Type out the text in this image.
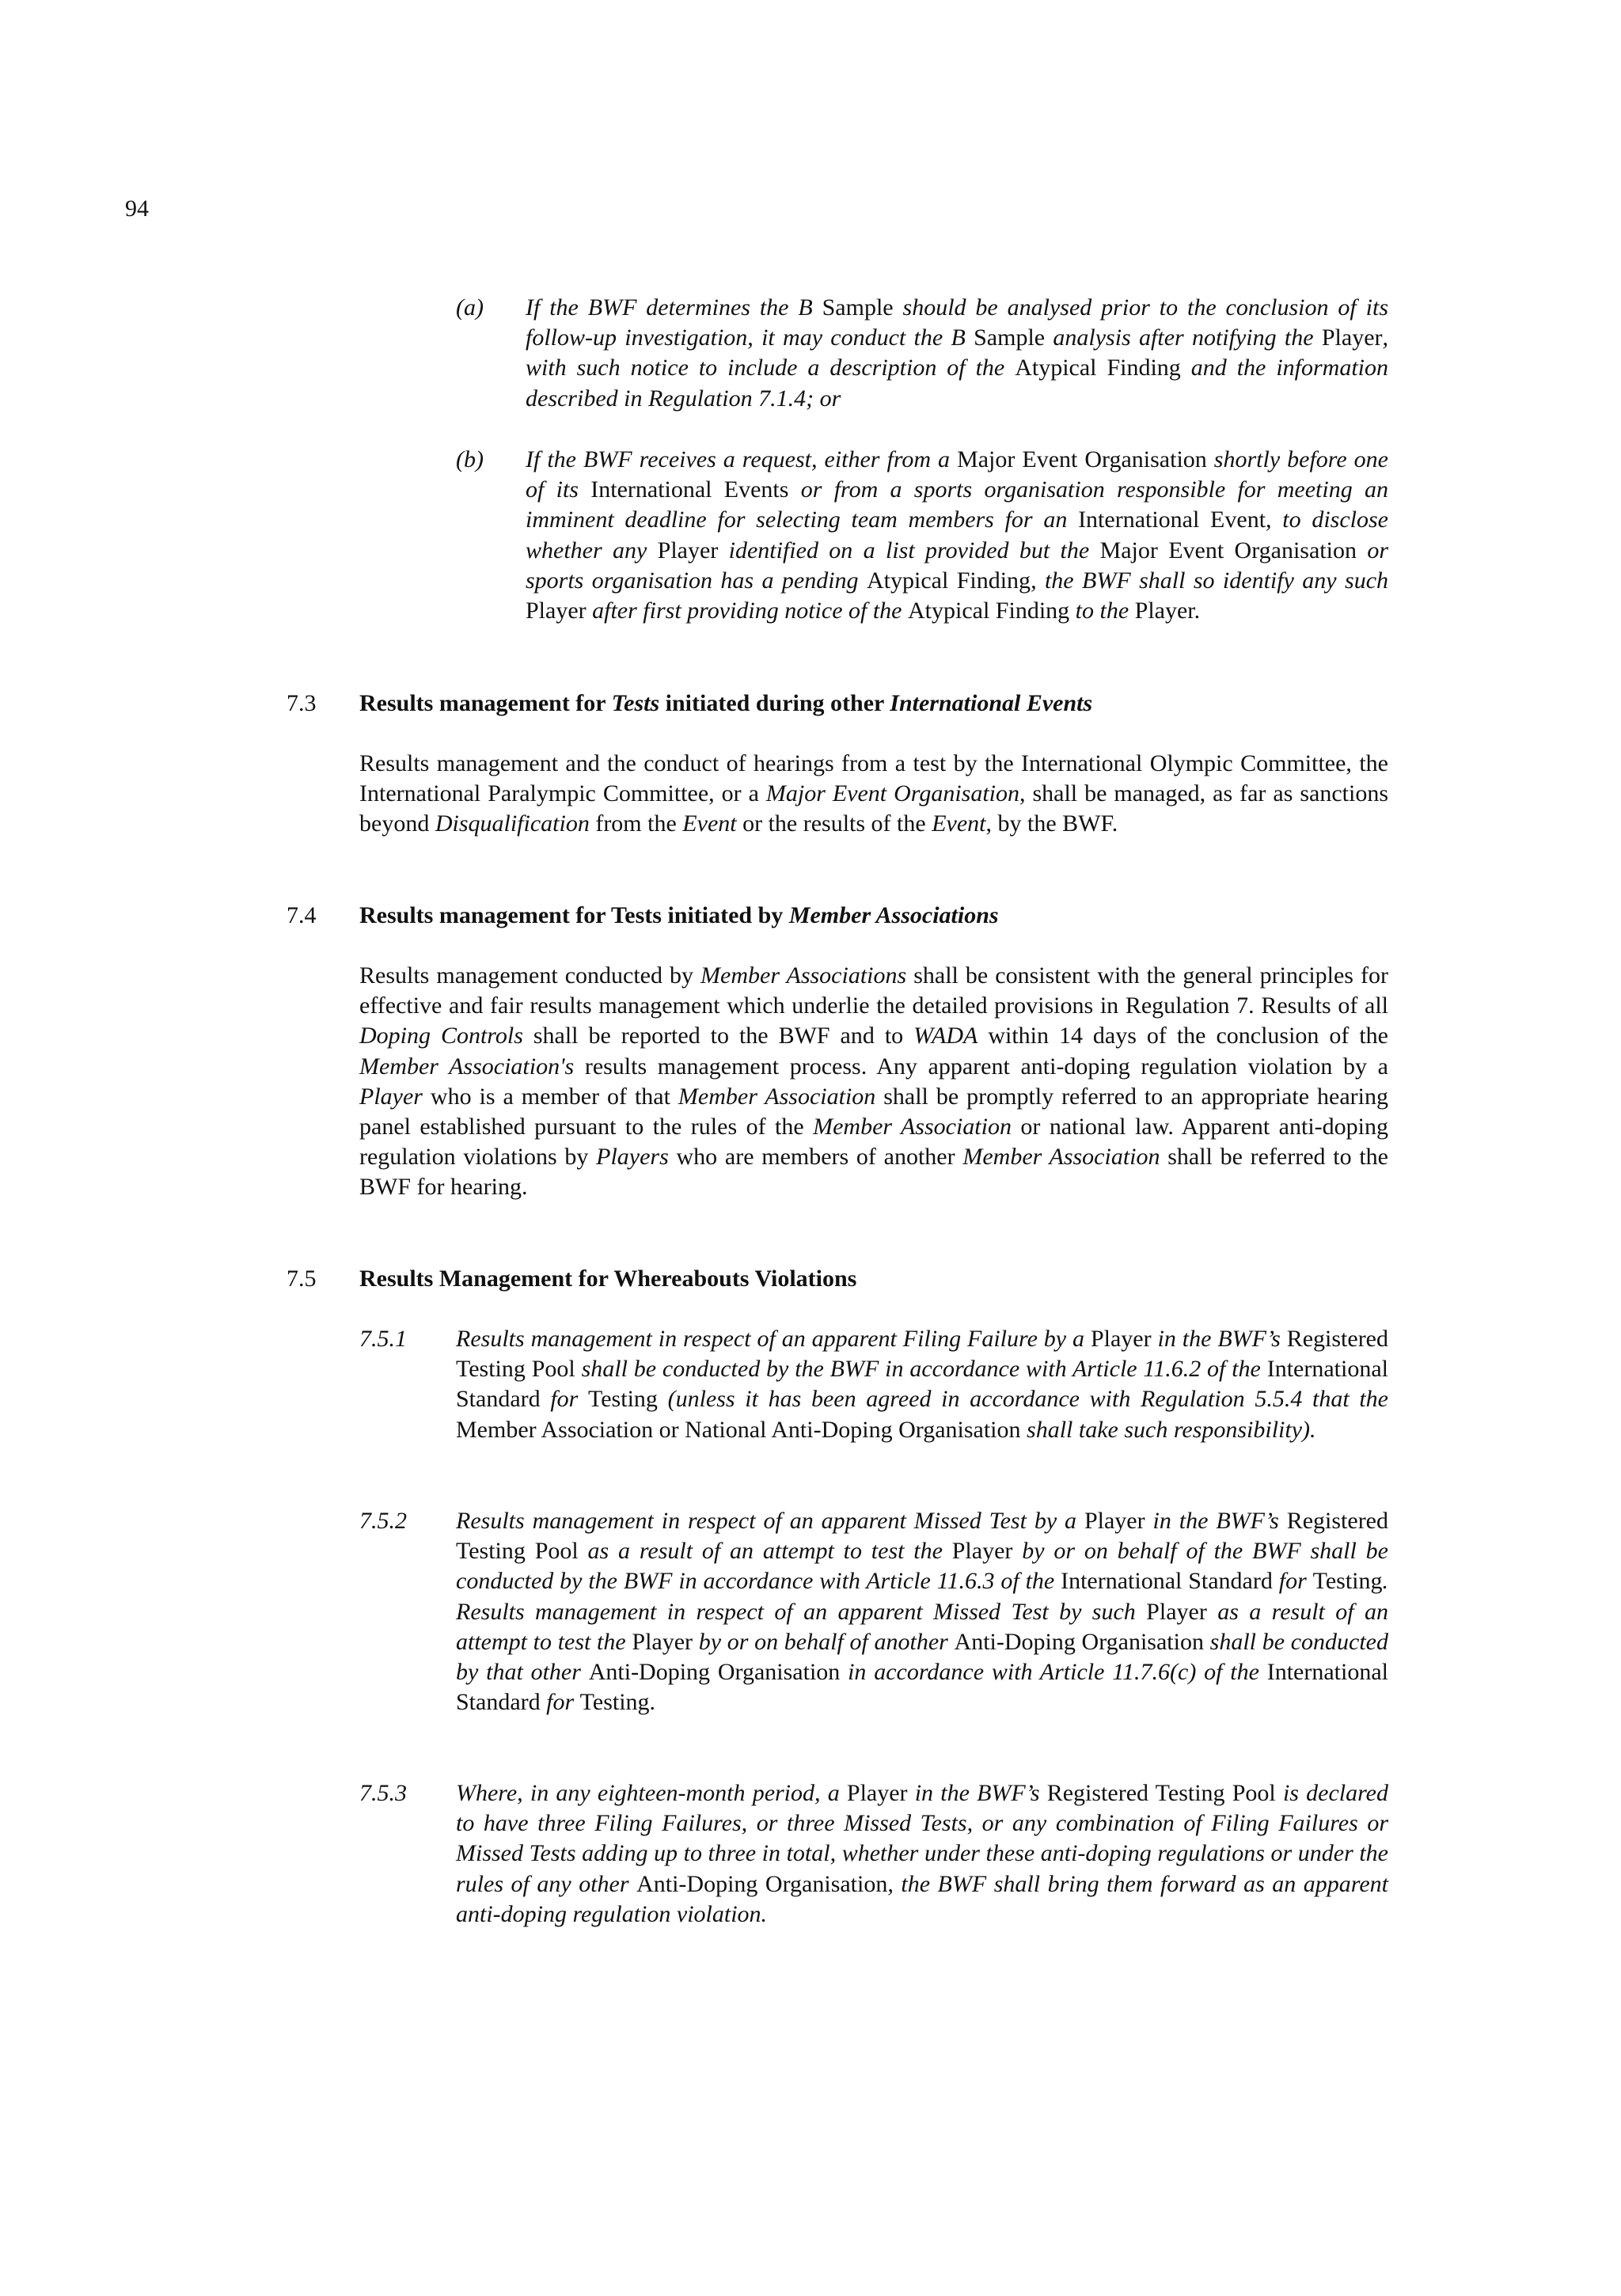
94
(a) If the BWF determines the B Sample should be analysed prior to the conclusion of its follow-up investigation, it may conduct the B Sample analysis after notifying the Player, with such notice to include a description of the Atypical Finding and the information described in Regulation 7.1.4; or
(b) If the BWF receives a request, either from a Major Event Organisation shortly before one of its International Events or from a sports organisation responsible for meeting an imminent deadline for selecting team members for an International Event, to disclose whether any Player identified on a list provided but the Major Event Organisation or sports organisation has a pending Atypical Finding, the BWF shall so identify any such Player after first providing notice of the Atypical Finding to the Player.
7.3 Results management for Tests initiated during other International Events
Results management and the conduct of hearings from a test by the International Olympic Committee, the International Paralympic Committee, or a Major Event Organisation, shall be managed, as far as sanctions beyond Disqualification from the Event or the results of the Event, by the BWF.
7.4 Results management for Tests initiated by Member Associations
Results management conducted by Member Associations shall be consistent with the general principles for effective and fair results management which underlie the detailed provisions in Regulation 7. Results of all Doping Controls shall be reported to the BWF and to WADA within 14 days of the conclusion of the Member Association's results management process. Any apparent anti-doping regulation violation by a Player who is a member of that Member Association shall be promptly referred to an appropriate hearing panel established pursuant to the rules of the Member Association or national law. Apparent anti-doping regulation violations by Players who are members of another Member Association shall be referred to the BWF for hearing.
7.5 Results Management for Whereabouts Violations
7.5.1 Results management in respect of an apparent Filing Failure by a Player in the BWF’s Registered Testing Pool shall be conducted by the BWF in accordance with Article 11.6.2 of the International Standard for Testing (unless it has been agreed in accordance with Regulation 5.5.4 that the Member Association or National Anti-Doping Organisation shall take such responsibility).
7.5.2 Results management in respect of an apparent Missed Test by a Player in the BWF’s Registered Testing Pool as a result of an attempt to test the Player by or on behalf of the BWF shall be conducted by the BWF in accordance with Article 11.6.3 of the International Standard for Testing. Results management in respect of an apparent Missed Test by such Player as a result of an attempt to test the Player by or on behalf of another Anti-Doping Organisation shall be conducted by that other Anti-Doping Organisation in accordance with Article 11.7.6(c) of the International Standard for Testing.
7.5.3 Where, in any eighteen-month period, a Player in the BWF’s Registered Testing Pool is declared to have three Filing Failures, or three Missed Tests, or any combination of Filing Failures or Missed Tests adding up to three in total, whether under these anti-doping regulations or under the rules of any other Anti-Doping Organisation, the BWF shall bring them forward as an apparent anti-doping regulation violation.
